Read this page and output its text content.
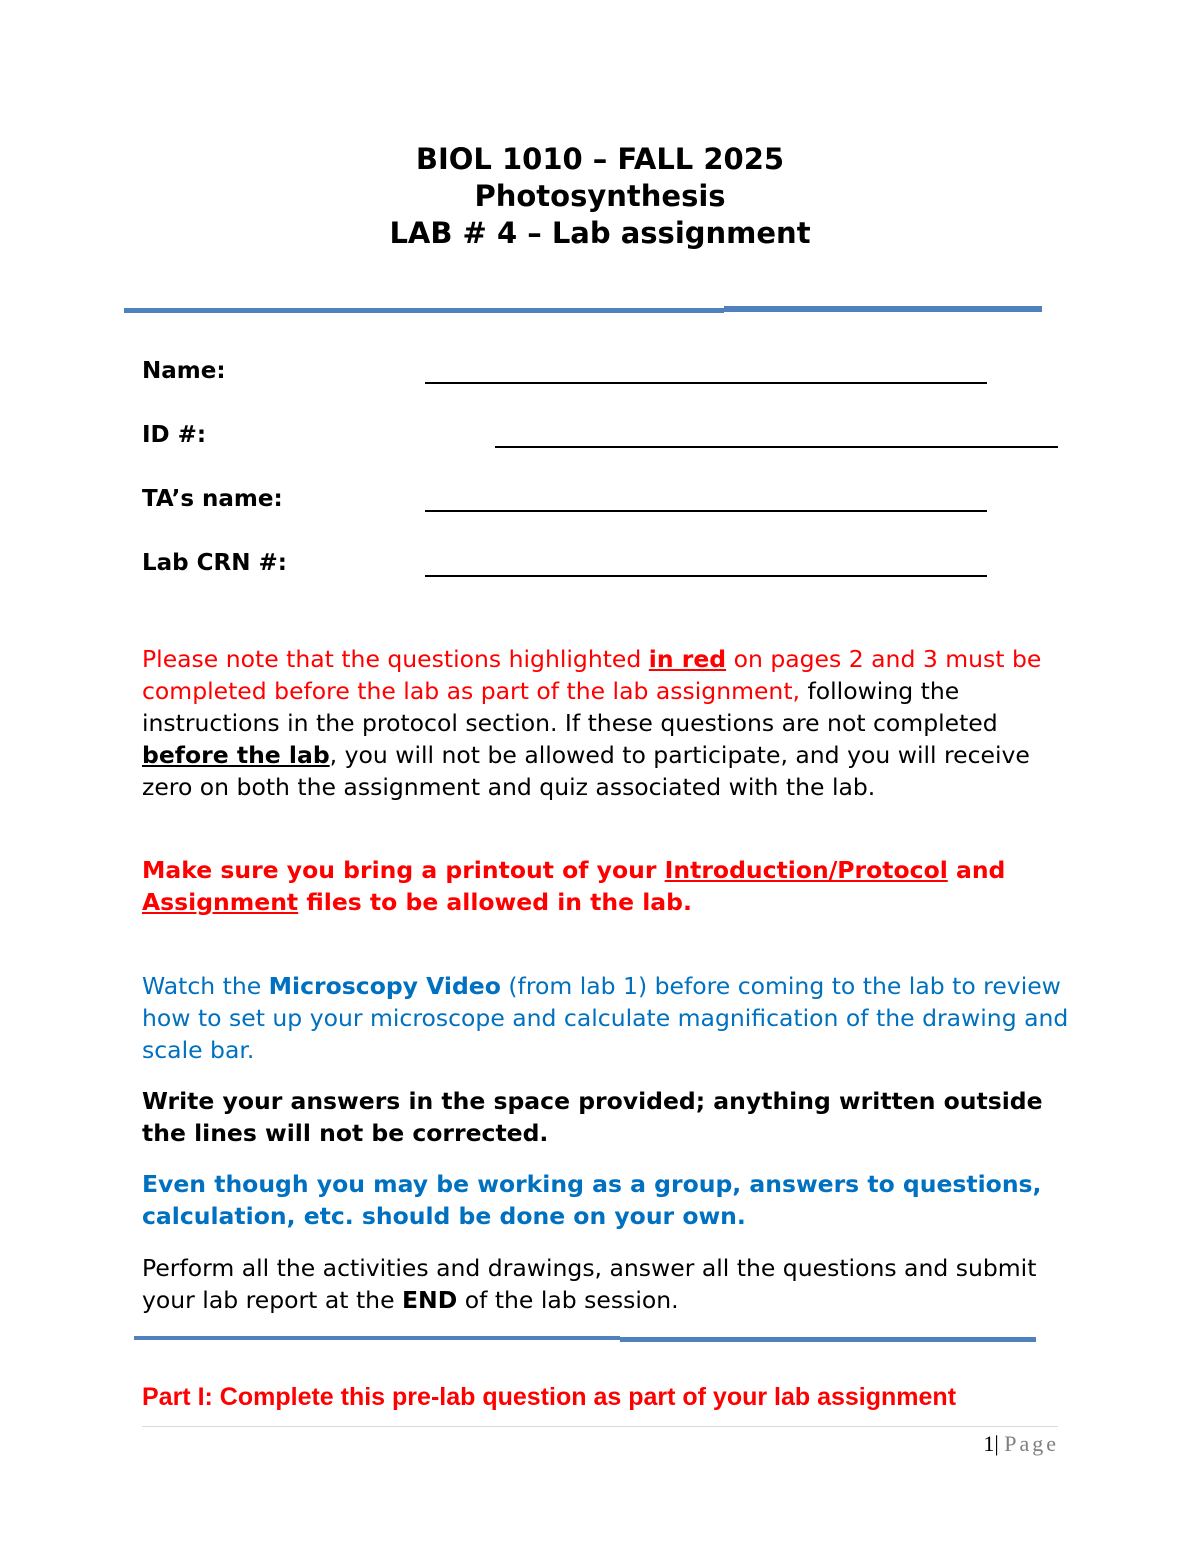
BIOL 1010 – FALL 2025
Photosynthesis
LAB # 4 – Lab assignment
Name:
ID #:
TA’s name:
Lab CRN #:

Please note that the questions highlighted in red on pages 2 and 3 must be completed before the lab as part of the lab assignment, following the instructions in the protocol section. If these questions are not completed before the lab, you will not be allowed to participate, and you will receive zero on both the assignment and quiz associated with the lab.

Make sure you bring a printout of your Introduction/Protocol and Assignment files to be allowed in the lab.

Watch the Microscopy Video (from lab 1) before coming to the lab to review how to set up your microscope and calculate magnification of the drawing and scale bar.

Write your answers in the space provided; anything written outside the lines will not be corrected.

Even though you may be working as a group, answers to questions, calculation, etc. should be done on your own.

Perform all the activities and drawings, answer all the questions and submit your lab report at the END of the lab session.

Part I: Complete this pre-lab question as part of your lab assignment
1| Page
